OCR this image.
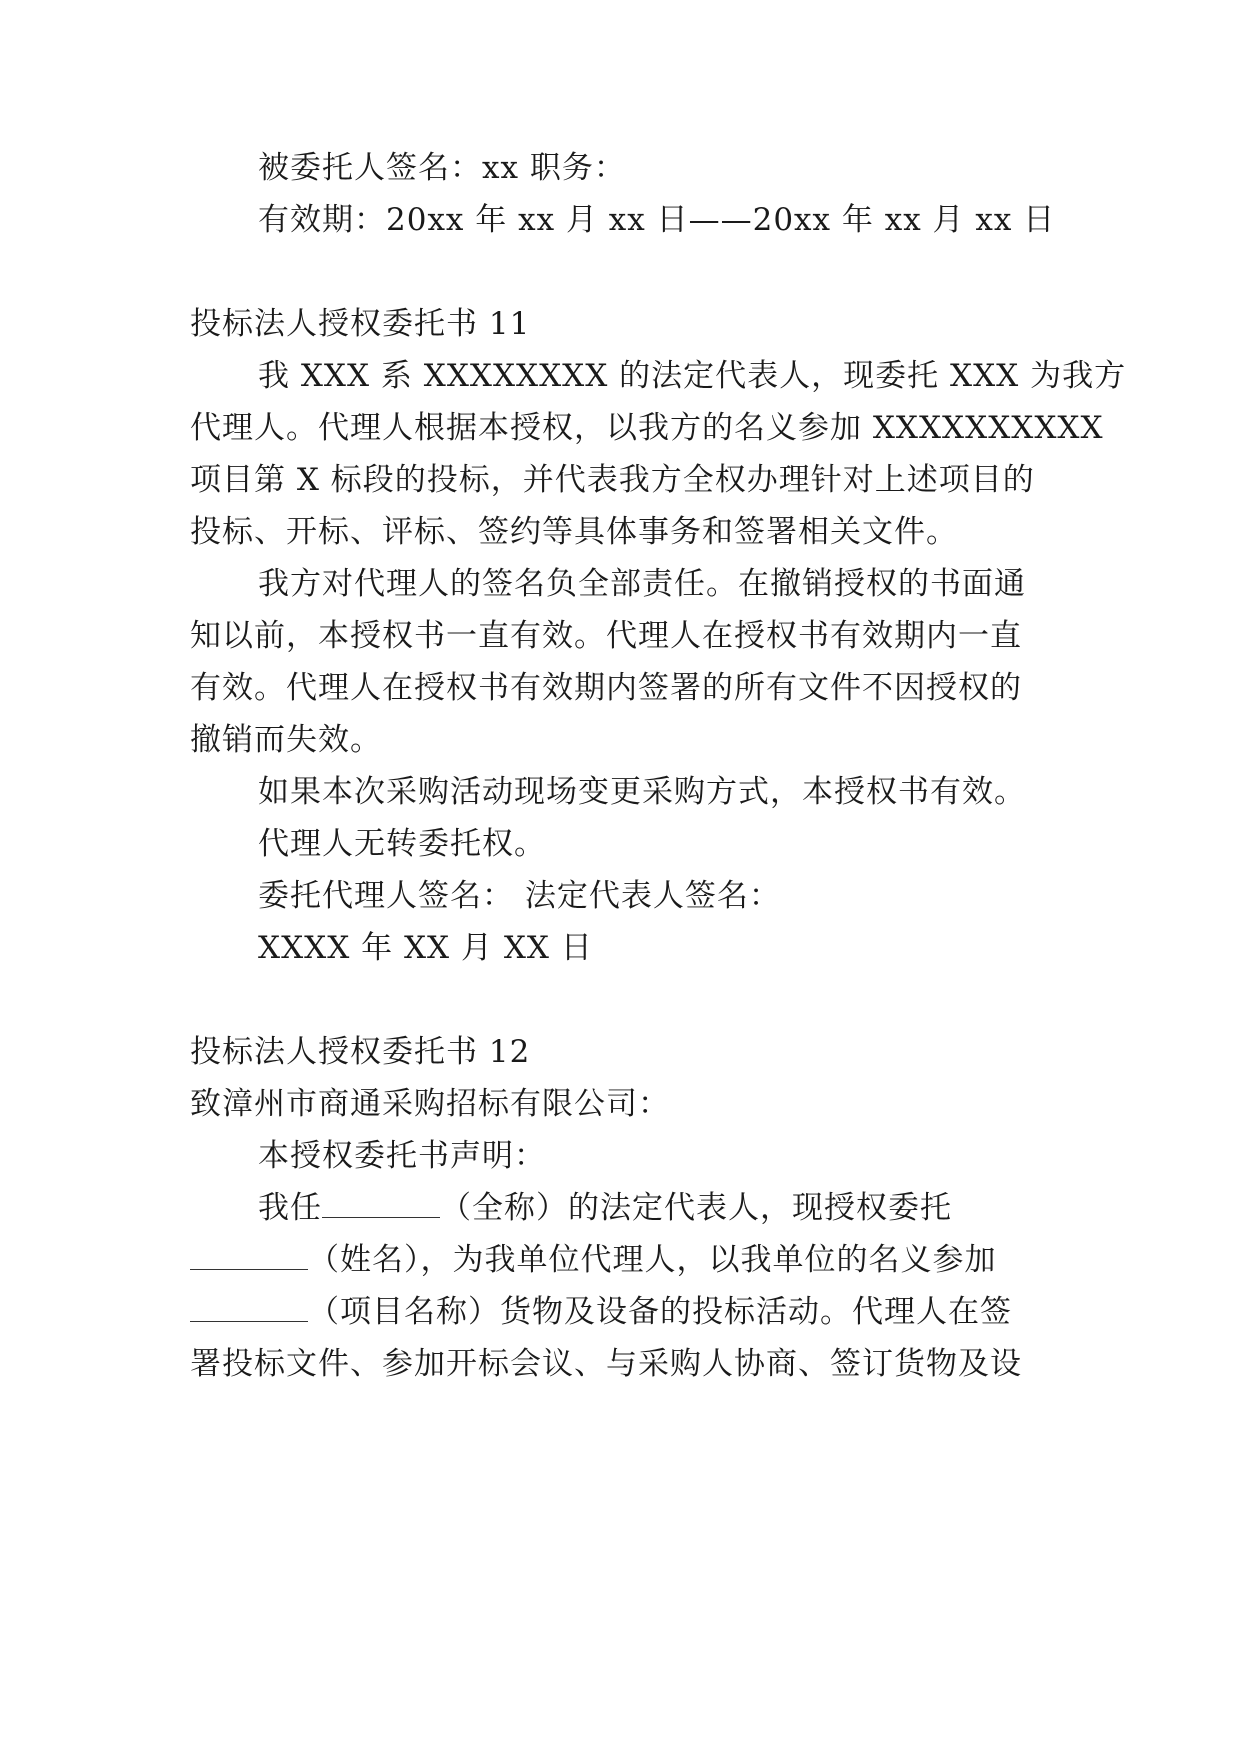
被委托人签名：xx 职务：
有效期：20xx 年 xx 月 xx 日——20xx 年 xx 月 xx 日
投标法人授权委托书 11
我 XXX 系 XXXXXXXX 的法定代表人，现委托 XXX 为我方
代理人。代理人根据本授权，以我方的名义参加 XXXXXXXXXX
项目第 X 标段的投标，并代表我方全权办理针对上述项目的
投标、开标、评标、签约等具体事务和签署相关文件。
我方对代理人的签名负全部责任。在撤销授权的书面通
知以前，本授权书一直有效。代理人在授权书有效期内一直
有效。代理人在授权书有效期内签署的所有文件不因授权的
撤销而失效。
如果本次采购活动现场变更采购方式，本授权书有效。
代理人无转委托权。
委托代理人签名： 法定代表人签名：
XXXX 年 XX 月 XX 日
投标法人授权委托书 12
致漳州市商通采购招标有限公司：
本授权委托书声明：
我任	（全称）的法定代表人，现授权委托
（姓名），为我单位代理人，以我单位的名义参加
（项目名称）货物及设备的投标活动。代理人在签
署投标文件、参加开标会议、与采购人协商、签订货物及设
